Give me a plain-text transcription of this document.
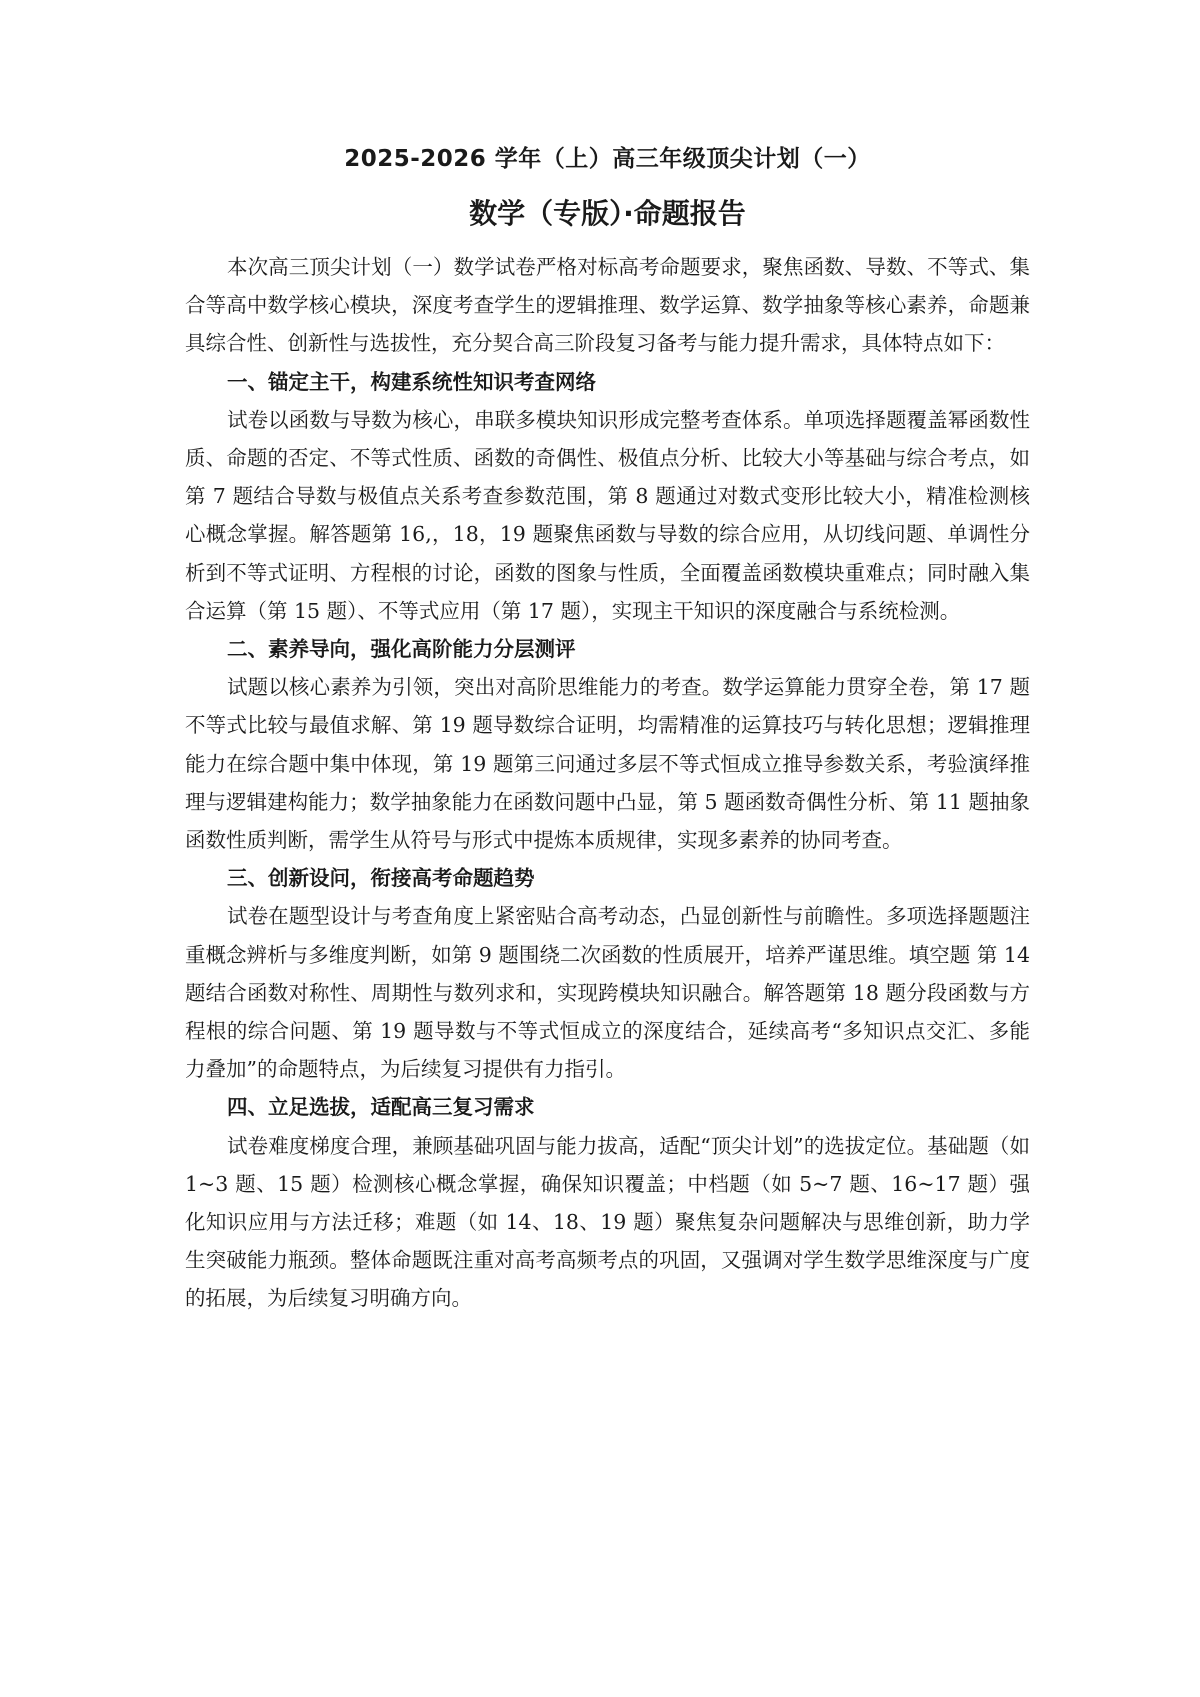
2025-2026 学年（上）高三年级顶尖计划（一）
数学（专版）·命题报告

本次高三顶尖计划（一）数学试卷严格对标高考命题要求，聚焦函数、导数、不等式、集合等高中数学核心模块，深度考查学生的逻辑推理、数学运算、数学抽象等核心素养，命题兼具综合性、创新性与选拔性，充分契合高三阶段复习备考与能力提升需求，具体特点如下：

一、锚定主干，构建系统性知识考查网络

试卷以函数与导数为核心，串联多模块知识形成完整考查体系。单项选择题覆盖幂函数性质、命题的否定、不等式性质、函数的奇偶性、极值点分析、比较大小等基础与综合考点，如第 7 题结合导数与极值点关系考查参数范围，第 8 题通过对数式变形比较大小，精准检测核心概念掌握。解答题第 16,，18，19 题聚焦函数与导数的综合应用，从切线问题、单调性分析到不等式证明、方程根的讨论，函数的图象与性质，全面覆盖函数模块重难点；同时融入集合运算（第 15 题）、不等式应用（第 17 题），实现主干知识的深度融合与系统检测。

二、素养导向，强化高阶能力分层测评

试题以核心素养为引领，突出对高阶思维能力的考查。数学运算能力贯穿全卷，第 17 题不等式比较与最值求解、第 19 题导数综合证明，均需精准的运算技巧与转化思想；逻辑推理能力在综合题中集中体现，第 19 题第三问通过多层不等式恒成立推导参数关系，考验演绎推理与逻辑建构能力；数学抽象能力在函数问题中凸显，第 5 题函数奇偶性分析、第 11 题抽象函数性质判断，需学生从符号与形式中提炼本质规律，实现多素养的协同考查。

三、创新设问，衔接高考命题趋势

试卷在题型设计与考查角度上紧密贴合高考动态，凸显创新性与前瞻性。多项选择题题注重概念辨析与多维度判断，如第 9 题围绕二次函数的性质展开，培养严谨思维。填空题 第 14 题结合函数对称性、周期性与数列求和，实现跨模块知识融合。解答题第 18 题分段函数与方程根的综合问题、第 19 题导数与不等式恒成立的深度结合，延续高考“多知识点交汇、多能力叠加”的命题特点，为后续复习提供有力指引。

四、立足选拔，适配高三复习需求

试卷难度梯度合理，兼顾基础巩固与能力拔高，适配“顶尖计划”的选拔定位。基础题（如 1~3 题、15 题）检测核心概念掌握，确保知识覆盖；中档题（如 5~7 题、16~17 题）强化知识应用与方法迁移；难题（如 14、18、19 题）聚焦复杂问题解决与思维创新，助力学生突破能力瓶颈。整体命题既注重对高考高频考点的巩固，又强调对学生数学思维深度与广度的拓展，为后续复习明确方向。
